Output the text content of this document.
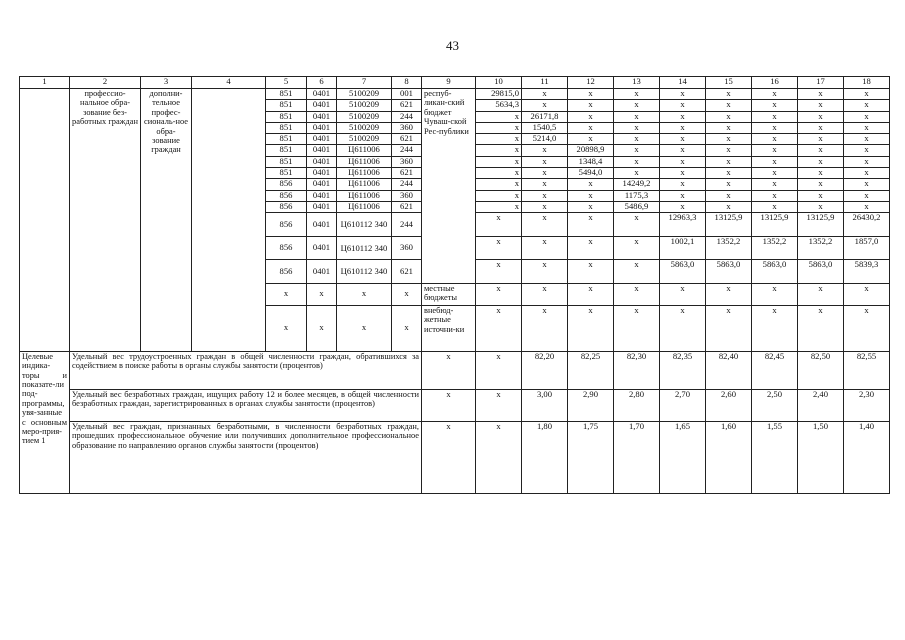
43
1	2	3	4	5	6	7	8	9	10	11	12	13	14	15	16	17	18
	профессио-нальное обра-зование без-работных граждан	дополни-тельное профес-сиональ-ное обра-зование граждан		851	0401	5100209	001	респуб-ликан-ский бюджет Чуваш-ской Рес-публики	29815,0	x	x	x	x	x	x	x	x
				851	0401	5100209	621		5634,3	x	x	x	x	x	x	x	x
				851	0401	5100209	244		x	26171,8	x	x	x	x	x	x	x
				851	0401	5100209	360		x	1540,5	x	x	x	x	x	x	x
				851	0401	5100209	621		x	5214,0	x	x	x	x	x	x	x
				851	0401	Ц611006	244		x	x	20898,9	x	x	x	x	x	x
				851	0401	Ц611006	360		x	x	1348,4	x	x	x	x	x	x
				851	0401	Ц611006	621		x	x	5494,0	x	x	x	x	x	x
				856	0401	Ц611006	244		x	x	x	14249,2	x	x	x	x	x
				856	0401	Ц611006	360		x	x	x	1175,3	x	x	x	x	x
				856	0401	Ц611006	621		x	x	x	5486,9	x	x	x	x	x
				856	0401	Ц610112 340	244		x	x	x	x	12963,3	13125,9	13125,9	13125,9	26430,2
				856	0401	Ц610112 340	360		x	x	x	x	1002,1	1352,2	1352,2	1352,2	1857,0
				856	0401	Ц610112 340	621		x	x	x	x	5863,0	5863,0	5863,0	5863,0	5839,3
				x	x	x	x	местные бюджеты	x	x	x	x	x	x	x	x	x
				x	x	x	x	внебюд-жетные источни-ки	x	x	x	x	x	x	x	x	x
Целевые индика-торы и показате-ли под-программы, увя-занные с основным меро-прия-тием 1	Удельный вес трудоустроенных граждан в общей численности граждан, обратившихся за содействием в поиске работы в органы службы занятости (процентов)							x	x	82,20	82,25	82,30	82,35	82,40	82,45	82,50	82,55
	Удельный вес безработных граждан, ищущих работу 12 и более месяцев, в общей численности безработных граждан, зарегистрированных в органах службы занятости (процентов)							x	x	3,00	2,90	2,80	2,70	2,60	2,50	2,40	2,30
	Удельный вес граждан, признанных безработными, в численности безработных граждан, прошедших профессиональное обучение или получивших дополнительное профессиональное образование по направлению органов службы занятости (процентов)							x	x	1,80	1,75	1,70	1,65	1,60	1,55	1,50	1,40
